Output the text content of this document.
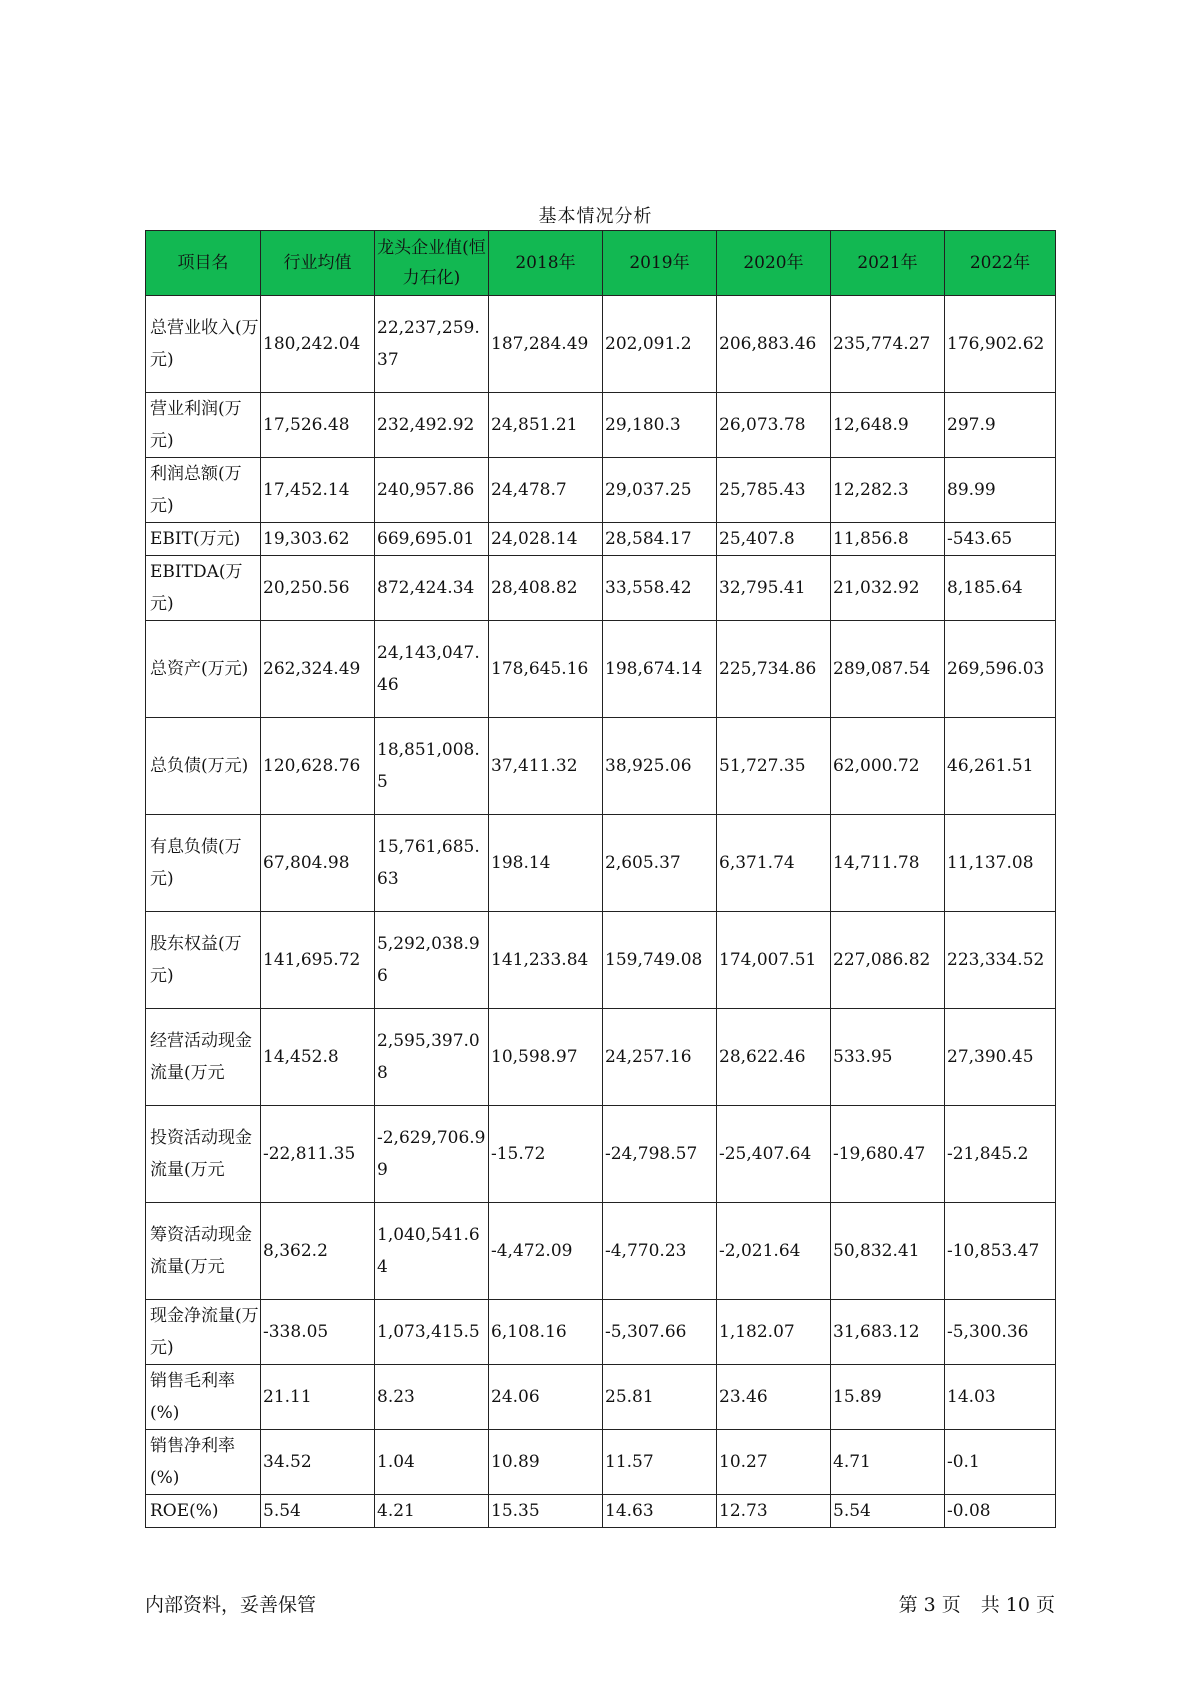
基本情况分析
项目名	行业均值	龙头企业值(恒力石化)	2018年	2019年	2020年	2021年	2022年

总营业收入(万元)	180,242.04	22,237,259.37	187,284.49	202,091.2	206,883.46	235,774.27	176,902.62

营业利润(万元)	17,526.48	232,492.92	24,851.21	29,180.3	26,073.78	12,648.9	297.9

利润总额(万元)	17,452.14	240,957.86	24,478.7	29,037.25	25,785.43	12,282.3	89.99

EBIT(万元)	19,303.62	669,695.01	24,028.14	28,584.17	25,407.8	11,856.8	-543.65

EBITDA(万元)	20,250.56	872,424.34	28,408.82	33,558.42	32,795.41	21,032.92	8,185.64

总资产(万元)	262,324.49	24,143,047.46	178,645.16	198,674.14	225,734.86	289,087.54	269,596.03

总负债(万元)	120,628.76	18,851,008.5	37,411.32	38,925.06	51,727.35	62,000.72	46,261.51

有息负债(万元)	67,804.98	15,761,685.63	198.14	2,605.37	6,371.74	14,711.78	11,137.08

股东权益(万元)	141,695.72	5,292,038.96	141,233.84	159,749.08	174,007.51	227,086.82	223,334.52

经营活动现金流量(万元	14,452.8	2,595,397.08	10,598.97	24,257.16	28,622.46	533.95	27,390.45

投资活动现金流量(万元	-22,811.35	-2,629,706.99	-15.72	-24,798.57	-25,407.64	-19,680.47	-21,845.2

筹资活动现金流量(万元	8,362.2	1,040,541.64	-4,472.09	-4,770.23	-2,021.64	50,832.41	-10,853.47

现金净流量(万元)	-338.05	1,073,415.5	6,108.16	-5,307.66	1,182.07	31,683.12	-5,300.36

销售毛利率(%)	21.11	8.23	24.06	25.81	23.46	15.89	14.03

销售净利率(%)	34.52	1.04	10.89	11.57	10.27	4.71	-0.1

ROE(%)	5.54	4.21	15.35	14.63	12.73	5.54	-0.08
内部资料，妥善保管	第 3 页 共 10 页
